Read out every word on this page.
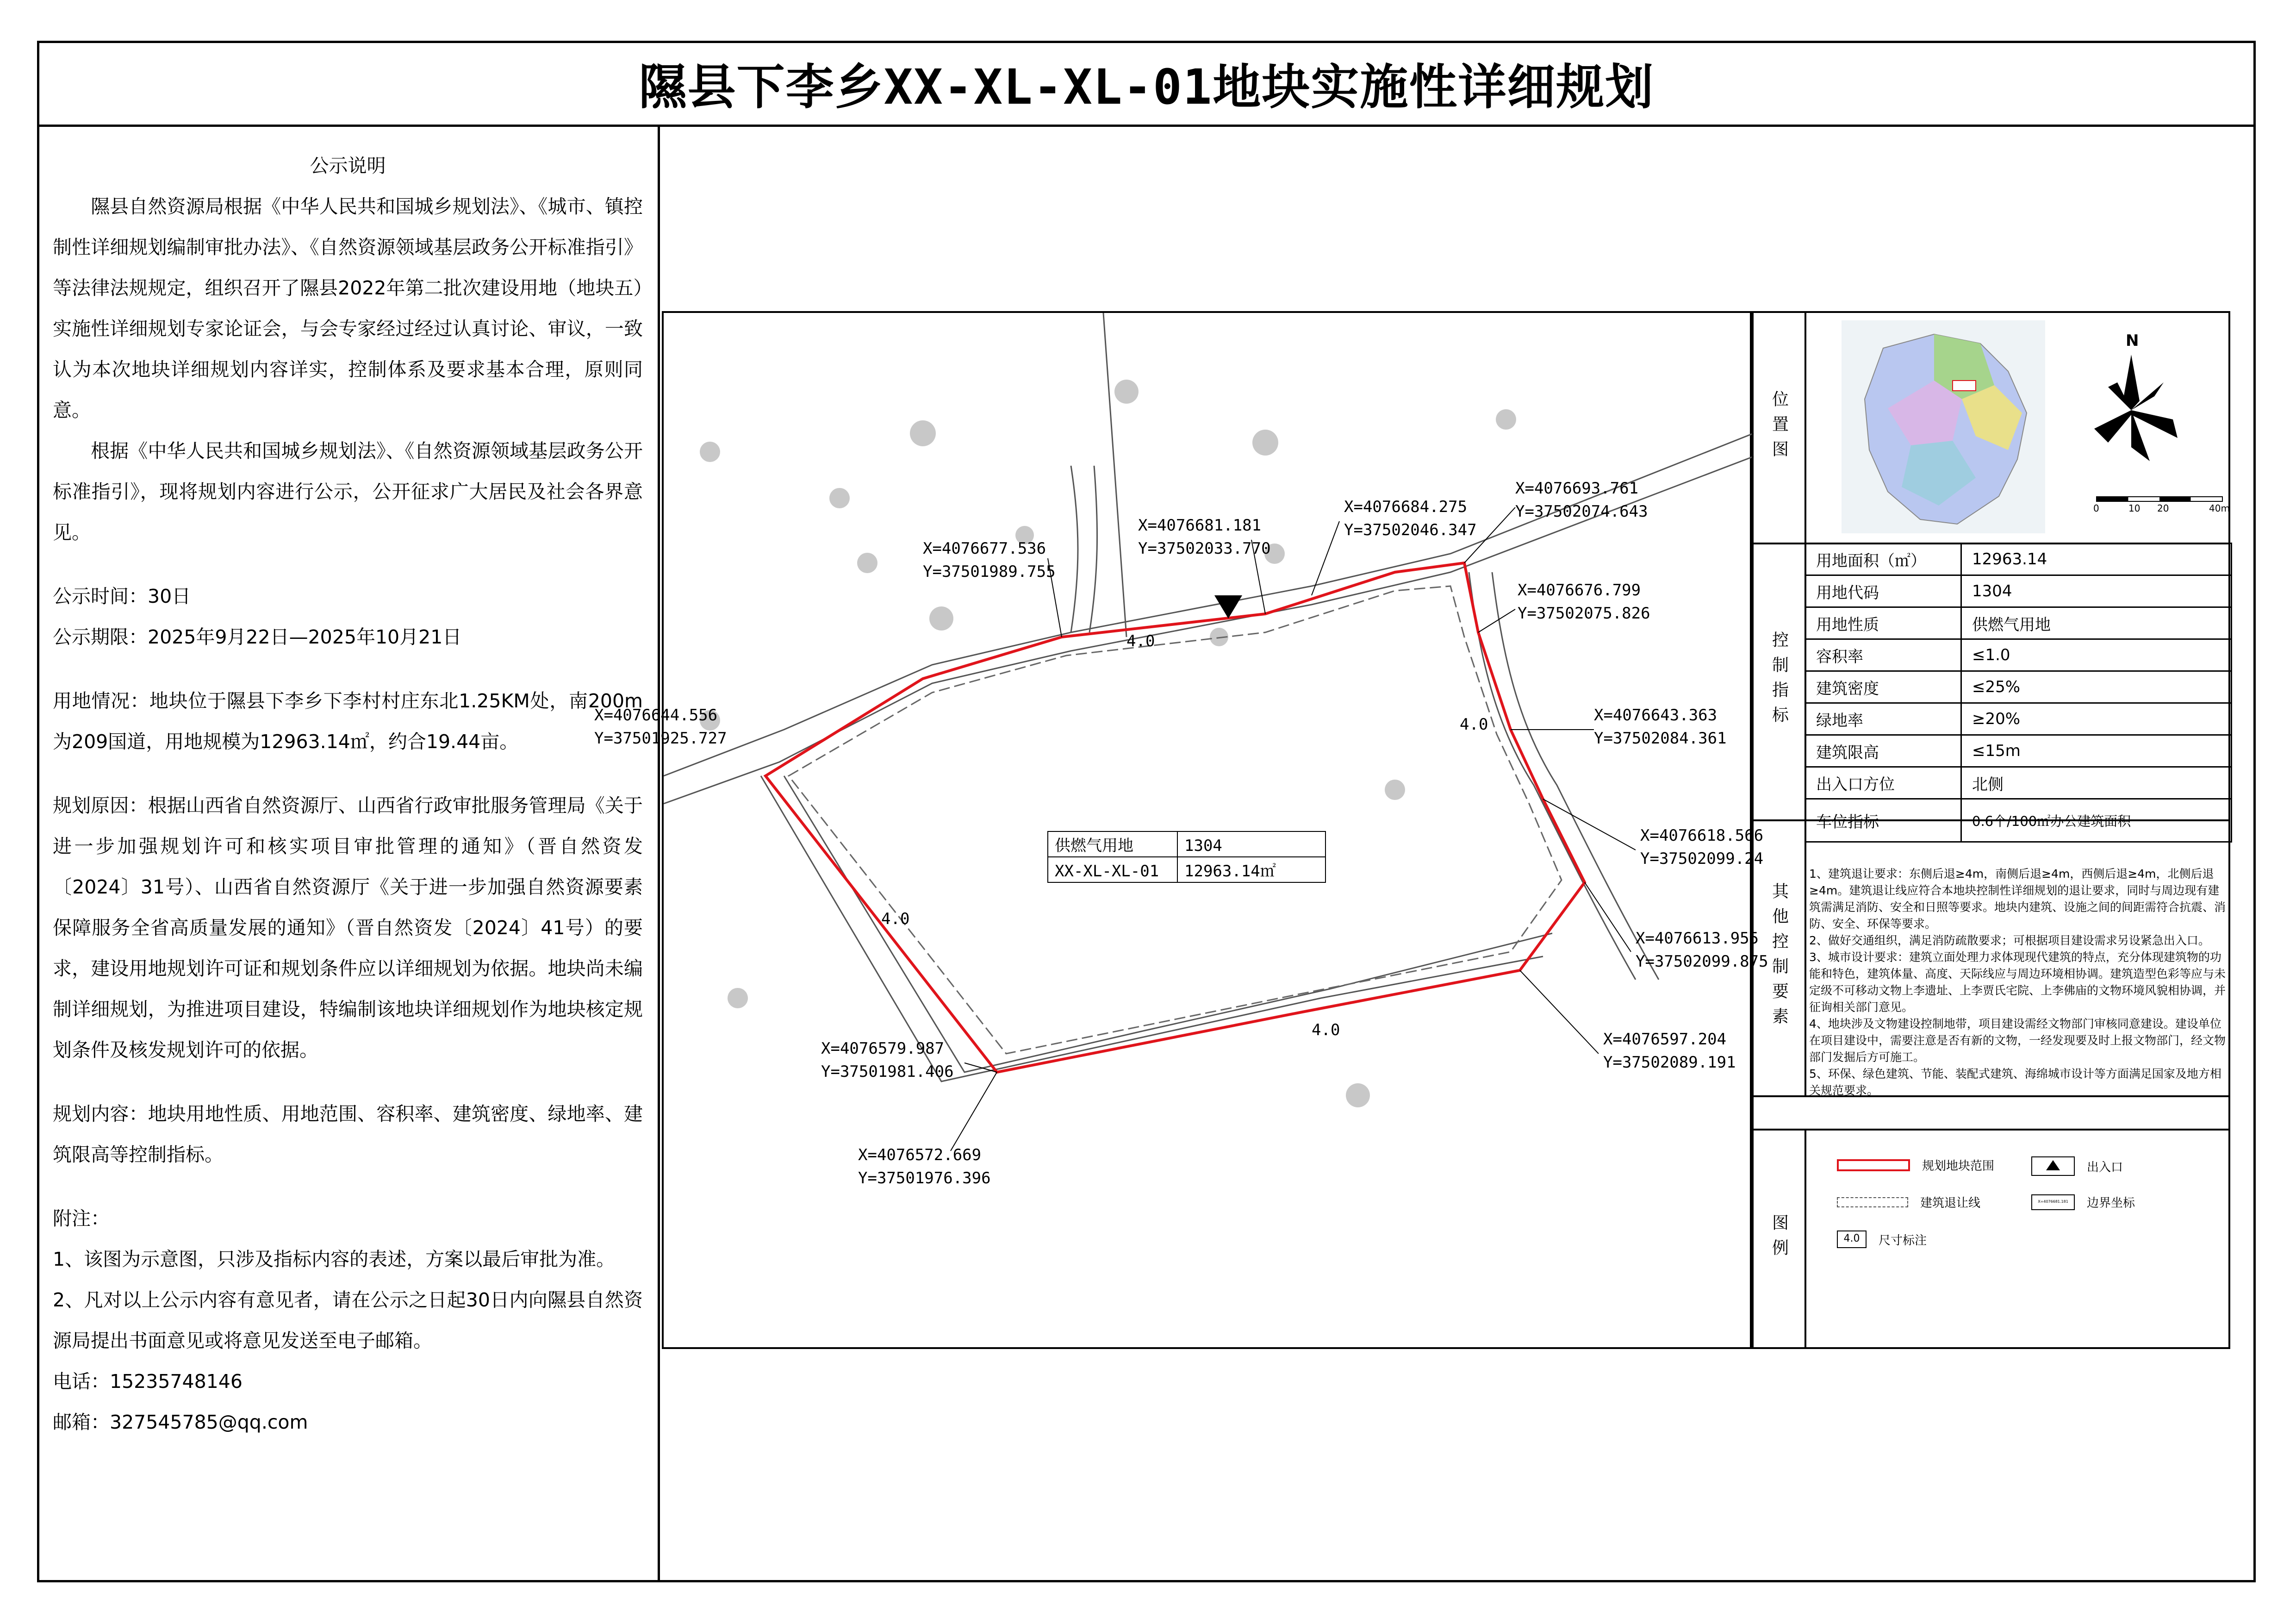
隰县下李乡XX-XL-XL-01地块实施性详细规划

公示说明

隰县自然资源局根据《中华人民共和国城乡规划法》、《城市、镇控制性详细规划编制审批办法》、《自然资源领域基层政务公开标准指引》等法律法规规定，组织召开了隰县2022年第二批次建设用地（地块五）实施性详细规划专家论证会，与会专家经过经过认真讨论、审议，一致认为本次地块详细规划内容详实，控制体系及要求基本合理，原则同意。

根据《中华人民共和国城乡规划法》、《自然资源领域基层政务公开标准指引》，现将规划内容进行公示，公开征求广大居民及社会各界意见。

公示时间：30日

公示期限：2025年9月22日—2025年10月21日

用地情况：地块位于隰县下李乡下李村村庄东北1.25KM处，南200m为209国道，用地规模为12963.14㎡，约合19.44亩。

规划原因：根据山西省自然资源厅、山西省行政审批服务管理局《关于进一步加强规划许可和核实项目审批管理的通知》（晋自然资发〔2024〕31号）、山西省自然资源厅《关于进一步加强自然资源要素保障服务全省高质量发展的通知》（晋自然资发〔2024〕41号）的要求，建设用地规划许可证和规划条件应以详细规划为依据。地块尚未编制详细规划，为推进项目建设，特编制该地块详细规划作为地块核定规划条件及核发规划许可的依据。

规划内容：地块用地性质、用地范围、容积率、建筑密度、绿地率、建筑限高等控制指标。

附注：

1、该图为示意图，只涉及指标内容的表述，方案以最后审批为准。

2、凡对以上公示内容有意见者，请在公示之日起30日内向隰县自然资源局提出书面意见或将意见发送至电子邮箱。

电话：15235748146

邮箱：327545785@qq.com

供燃气用地	1304
XX-XL-XL-01 12963.14㎡
4.0
4.0
4.0
4.0
X=4076677.536
Y=37501989.755
X=4076681.181
Y=37502033.770
X=4076684.275
Y=37502046.347
X=4076693.761
Y=37502074.643
X=4076676.799
Y=37502075.826
X=4076643.363
Y=37502084.361
X=4076618.566
Y=37502099.24
X=4076613.955
Y=37502099.875
X=4076597.204
Y=37502089.191
X=4076579.987
Y=37501981.406
X=4076572.669
Y=37501976.396
X=4076644.556
Y=37501925.727
位置图
控制指标
其他控制要素
N
0	10 20	40m
用地面积（㎡）	12963.14
用地代码	1304
用地性质	供燃气用地
容积率	≤1.0
建筑密度	≤25%
绿地率	≥20%
建筑限高	≤15m
出入口方位	北侧
车位指标	0.6个/100㎡办公建筑面积

1、建筑退让要求：东侧后退≥4m，南侧后退≥4m，西侧后退≥4m，北侧后退≥4m。建筑退让线应符合本地块控制性详细规划的退让要求，同时与周边现有建筑需满足消防、安全和日照等要求。地块内建筑、设施之间的间距需符合抗震、消防、安全、环保等要求。

2、做好交通组织，满足消防疏散要求；可根据项目建设需求另设紧急出入口。

3、城市设计要求：建筑立面处理力求体现现代建筑的特点，充分体现建筑物的功能和特色，建筑体量、高度、天际线应与周边环境相协调。建筑造型色彩等应与未定级不可移动文物上李遗址、上李贾氏宅院、上李佛庙的文物环境风貌相协调，并征询相关部门意见。

4、地块涉及文物建设控制地带，项目建设需经文物部门审核同意建设。建设单位在项目建设中，需要注意是否有新的文物，一经发现要及时上报文物部门，经文物部门发掘后方可施工。

5、环保、绿色建筑、节能、装配式建筑、海绵城市设计等方面满足国家及地方相关规范要求。

图例
规划地块范围	出入口
建筑退让线	X=4076681.181	边界坐标
4.0	尺寸标注
